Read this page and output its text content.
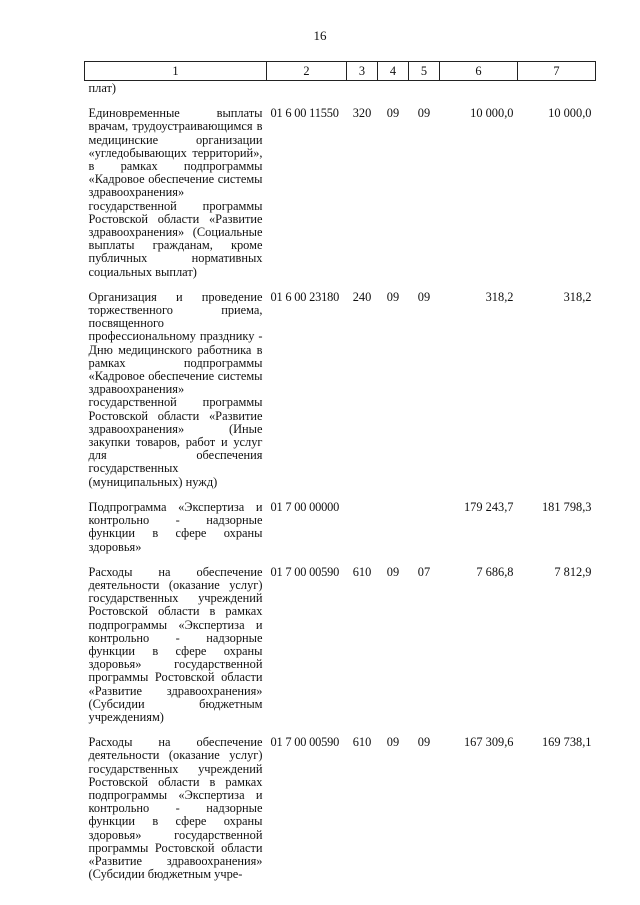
16
1	2	3	4	5	6	7
плат)						

Единовременные выплаты врачам, трудоустраивающимся в медицинские организации «угледобывающих территорий», в рамках подпрограммы «Кадровое обеспечение системы здравоохранения» государственной программы Ростовской области «Развитие здравоохранения» (Социальные выплаты гражданам, кроме публичных нормативных социальных выплат)	01 6 00 11550	320	09	09	10 000,0	10 000,0

Организация и проведение торжественного приема, посвященного профессиональному празднику - Дню медицинского работника в рамках подпрограммы «Кадровое обеспечение системы здравоохранения» государственной программы Ростовской области «Развитие здравоохранения» (Иные закупки товаров, работ и услуг для обеспечения государственных (муниципальных) нужд)	01 6 00 23180	240	09	09	318,2	318,2

Подпрограмма «Экспертиза и контрольно - надзорные функции в сфере охраны здоровья»	01 7 00 00000				179 243,7	181 798,3

Расходы на обеспечение деятельности (оказание услуг) государственных учреждений Ростовской области в рамках подпрограммы «Экспертиза и контрольно - надзорные функции в сфере охраны здоровья» государственной программы Ростовской области «Развитие здравоохранения» (Субсидии бюджетным учреждениям)	01 7 00 00590	610	09	07	7 686,8	7 812,9

Расходы на обеспечение деятельности (оказание услуг) государственных учреждений Ростовской области в рамках подпрограммы «Экспертиза и контрольно - надзорные функции в сфере охраны здоровья» государственной программы Ростовской области «Развитие здравоохранения» (Субсидии бюджетным учре-	01 7 00 00590	610	09	09	167 309,6	169 738,1
